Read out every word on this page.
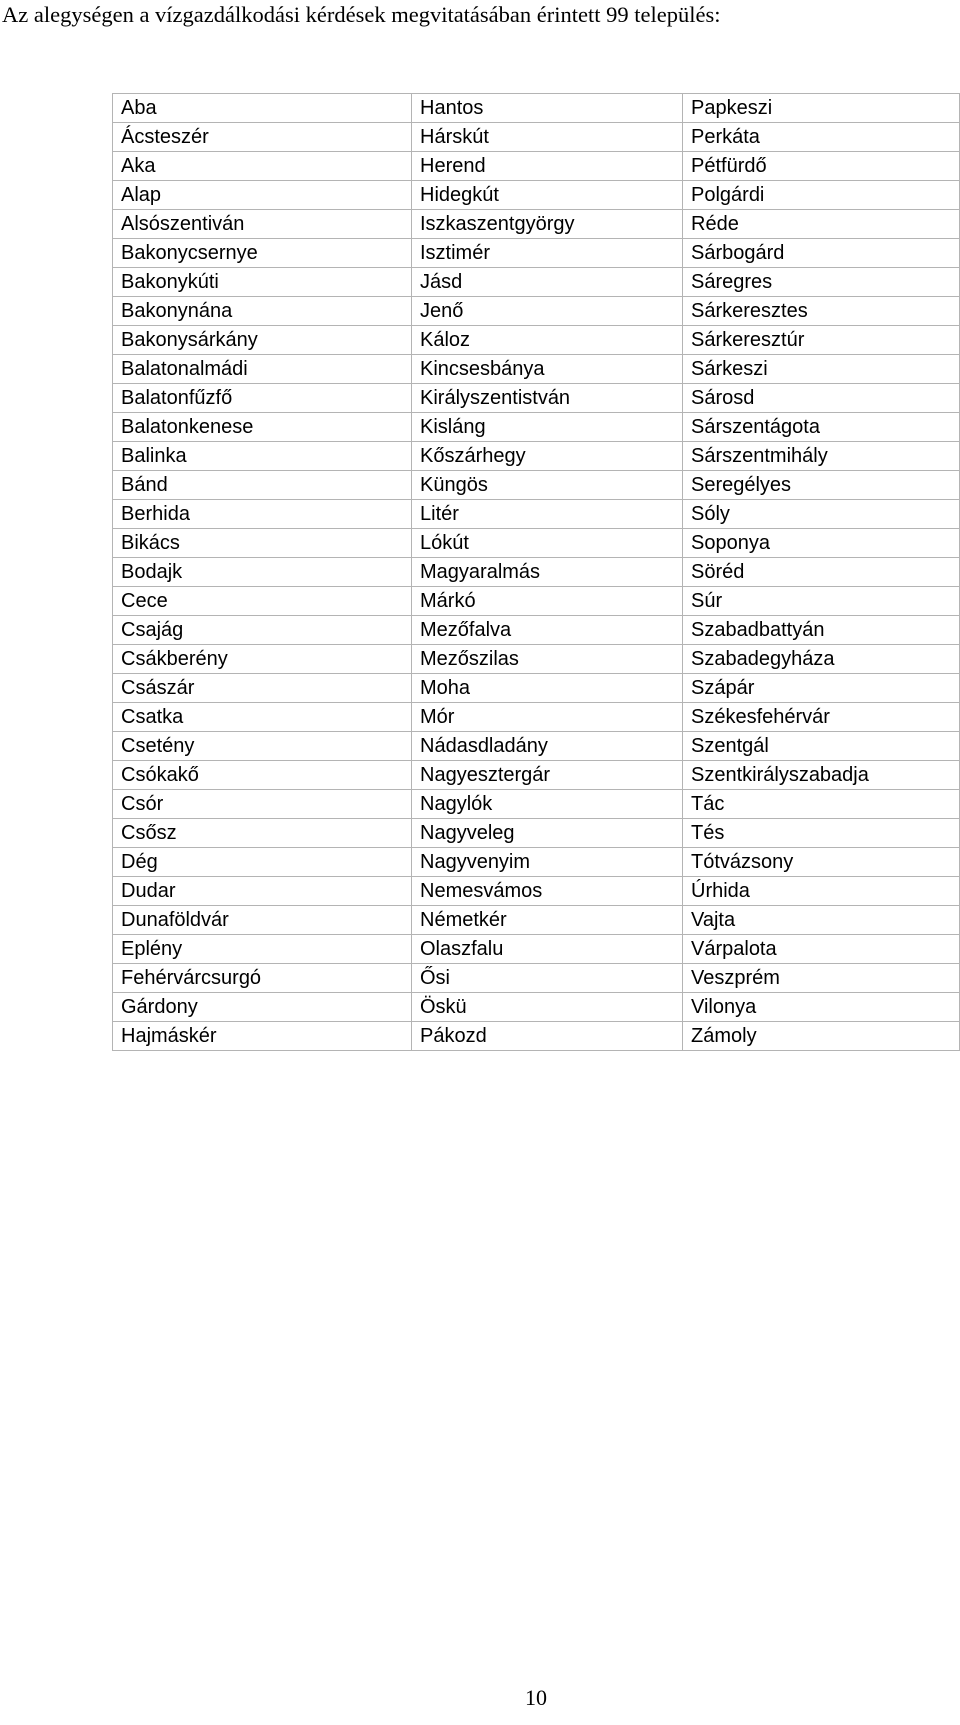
Az alegységen a vízgazdálkodási kérdések megvitatásában érintett 99 település:
Aba	Hantos	Papkeszi
Ácsteszér	Hárskút	Perkáta
Aka	Herend	Pétfürdő
Alap	Hidegkút	Polgárdi
Alsószentiván	Iszkaszentgyörgy	Réde
Bakonycsernye	Isztimér	Sárbogárd
Bakonykúti	Jásd	Sáregres
Bakonynána	Jenő	Sárkeresztes
Bakonysárkány	Káloz	Sárkeresztúr
Balatonalmádi	Kincsesbánya	Sárkeszi
Balatonfűzfő	Királyszentistván	Sárosd
Balatonkenese	Kisláng	Sárszentágota
Balinka	Kőszárhegy	Sárszentmihály
Bánd	Küngös	Seregélyes
Berhida	Litér	Sóly
Bikács	Lókút	Soponya
Bodajk	Magyaralmás	Söréd
Cece	Márkó	Súr
Csajág	Mezőfalva	Szabadbattyán
Csákberény	Mezőszilas	Szabadegyháza
Császár	Moha	Szápár
Csatka	Mór	Székesfehérvár
Csetény	Nádasdladány	Szentgál
Csókakő	Nagyesztergár	Szentkirályszabadja
Csór	Nagylók	Tác
Csősz	Nagyveleg	Tés
Dég	Nagyvenyim	Tótvázsony
Dudar	Nemesvámos	Úrhida
Dunaföldvár	Németkér	Vajta
Eplény	Olaszfalu	Várpalota
Fehérvárcsurgó	Ősi	Veszprém
Gárdony	Öskü	Vilonya
Hajmáskér	Pákozd	Zámoly
10
